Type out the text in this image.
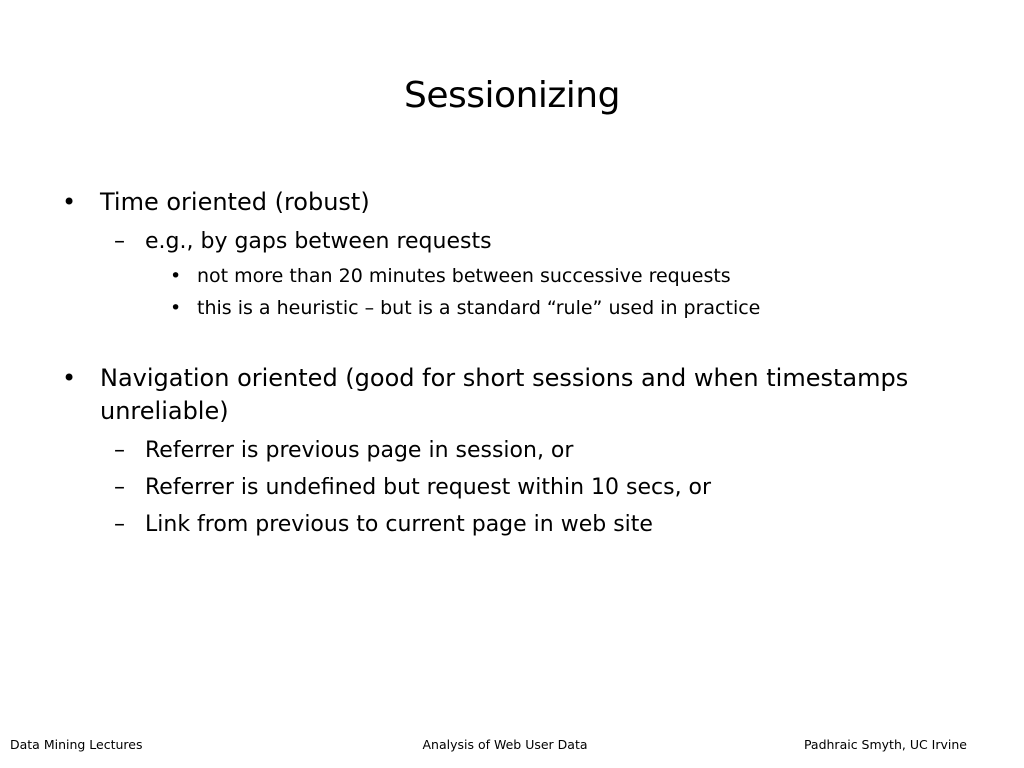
Sessionizing
• Time oriented (robust)
– e.g., by gaps between requests
• not more than 20 minutes between successive requests
• this is a heuristic – but is a standard “rule” used in practice
• Navigation oriented (good for short sessions and when timestamps
unreliable)
– Referrer is previous page in session, or
– Referrer is undefined but request within 10 secs, or
– Link from previous to current page in web site
Data Mining Lectures	Analysis of Web User Data	Padhraic Smyth, UC Irvine
